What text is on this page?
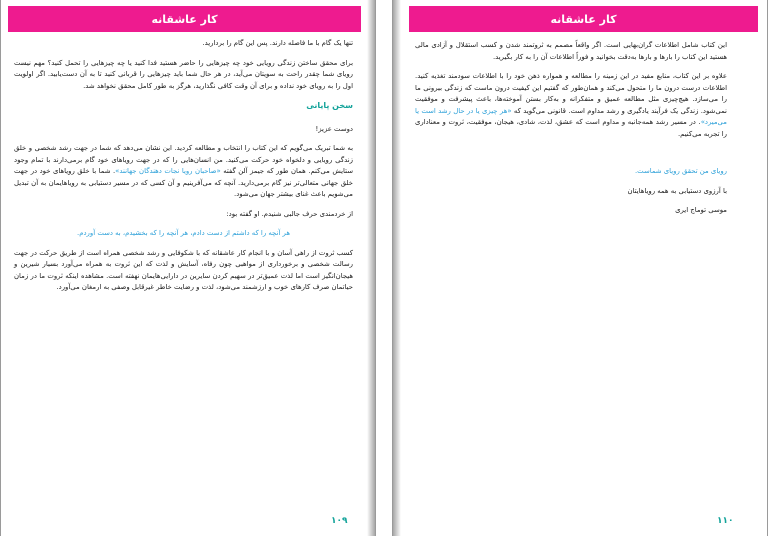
کار عاشقانه

تنها یک گام با ما فاصله دارند. پس این گام را بردارید.

برای محقق ساختن زندگی رویایی خود چه چیزهایی را حاضر هستید فدا کنید یا چه چیزهایی را تحمل کنید؟ مهم نیست رویای شما چقدر راحت به سویتان می‌آید، در هر حال شما باید چیزهایی را قربانی کنید تا به آن دست‌یابید. اگر اولویت اول را به رویای خود نداده و برای آن وقت کافی نگذارید، هرگز به طور کامل محقق نخواهد شد.

سخن پایانی

دوست عزیز!

به شما تبریک می‌گویم که این کتاب را انتخاب و مطالعه کردید. این نشان می‌دهد که شما در جهت رشد شخصی و خلق زندگی رویایی و دلخواه خود حرکت می‌کنید. من انسان‌هایی را که در جهت رویاهای خود گام برمی‌دارند با تمام وجود ستایش می‌کنم. همان طور که جیمز آلن گفته «صاحبان رویا نجات دهندگان جهانند». شما با خلق رویاهای خود در جهت خلق جهانی متعالی‌تر نیز گام برمی‌دارید. آنچه که می‌آفرینیم و آن کسی که در مسیر دستیابی به رویاهایمان به آن تبدیل می‌شویم باعث غنای بیشتر جهان می‌شود.

از خردمندی حرف جالبی شنیدم. او گفته بود:

هر آنچه را که داشتم از دست دادم، هر آنچه را که بخشیدم، به دست آوردم.

کسب ثروت از راهی آسان و با انجام کار عاشقانه که با شکوفایی و رشد شخصی همراه است از طریق حرکت در جهت رسالت شخصی و برخورداری از مواهبی چون رفاه، آسایش و لذت که این ثروت به همراه می‌آورد بسیار شیرین و هیجان‌انگیز است اما لذت عمیق‌تر در سهیم کردن سایرین در دارایی‌هایمان نهفته است. مشاهده اینکه ثروت ما در زمان حیاتمان صرف کارهای خوب و ارزشمند می‌شود، لذت و رضایت خاطر غیرقابل وصفی به ارمغان می‌آورد.

۱۰۹
کار عاشقانه

این کتاب شامل اطلاعات گران‌بهایی است. اگر واقعاً مصمم به ثروتمند شدن و کسب استقلال و آزادی مالی هستید این کتاب را بارها و بارها به‌دقت بخوانید و فوراً اطلاعات آن را به کار بگیرید.

علاوه بر این کتاب، منابع مفید در این زمینه را مطالعه و همواره ذهن خود را با اطلاعات سودمند تغذیه کنید. اطلاعات درست درون ما را متحول می‌کند و همان‌طور که گفتیم این کیفیت درون ماست که زندگی بیرونی ما را می‌سازد. هیچ‌چیزی مثل مطالعه عمیق و متفکرانه و به‌کار بستن آموخته‌ها، باعث پیشرفت و موفقیت نمی‌شود. زندگی یک فرآیند یادگیری و رشد مداوم است. قانونی می‌گوید که «هر چیزی یا در حال رشد است یا می‌میرد». در مسیر رشد همه‌جانبه و مداوم است که عشق، لذت، شادی، هیجان، موفقیت، ثروت و معنا‌داری را تجربه می‌کنیم.

رویای من تحقق رویای شماست.
با آرزوی دستیابی به همه رویاهایتان
موسی توماج ایری
۱۱۰
